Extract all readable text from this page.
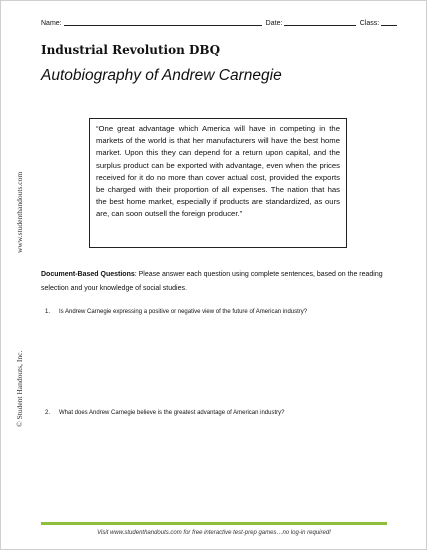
Name:	Date:	Class:
Industrial Revolution DBQ
Autobiography of Andrew Carnegie
www.studenthandouts.com
© Student Handouts, Inc.

“One great advantage which America will have in competing in the markets of the world is that her manufacturers will have the best home market. Upon this they can depend for a return upon capital, and the surplus product can be exported with advantage, even when the prices received for it do no more than cover actual cost, provided the exports be charged with their proportion of all expenses. The nation that has the best home market, especially if products are standardized, as ours are, can soon outsell the foreign producer.”

Document-Based Questions: Please answer each question using complete sentences, based on the reading selection and your knowledge of social studies.
1. Is Andrew Carnegie expressing a positive or negative view of the future of American industry?
2. What does Andrew Carnegie believe is the greatest advantage of American industry?
Visit www.studenthandouts.com for free interactive test-prep games…no log-in required!
